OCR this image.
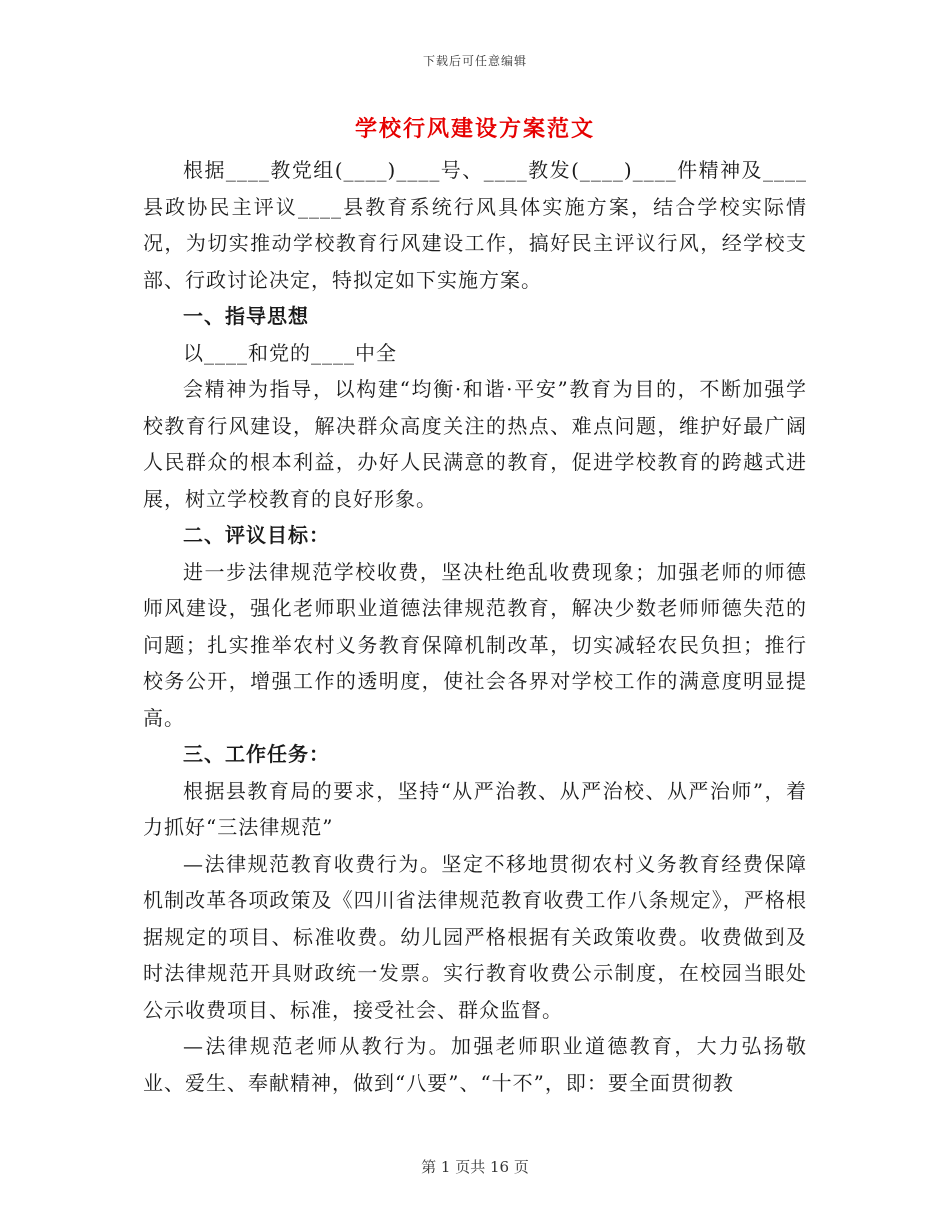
下载后可任意编辑
学校行风建设方案范文

根据____教党组(____)____号、____教发(____)____件精神及____县政协民主评议____县教育系统行风具体实施方案，结合学校实际情况，为切实推动学校教育行风建设工作，搞好民主评议行风，经学校支部、行政讨论决定，特拟定如下实施方案。

一、指导思想

以____和党的____中全

会精神为指导，以构建“均衡·和谐·平安”教育为目的，不断加强学校教育行风建设，解决群众高度关注的热点、难点问题，维护好最广阔人民群众的根本利益，办好人民满意的教育，促进学校教育的跨越式进展，树立学校教育的良好形象。

二、评议目标：

进一步法律规范学校收费，坚决杜绝乱收费现象；加强老师的师德师风建设，强化老师职业道德法律规范教育，解决少数老师师德失范的问题；扎实推举农村义务教育保障机制改革，切实减轻农民负担；推行校务公开，增强工作的透明度，使社会各界对学校工作的满意度明显提高。

三、工作任务：

根据县教育局的要求，坚持“从严治教、从严治校、从严治师”，着力抓好“三法律规范”

—法律规范教育收费行为。坚定不移地贯彻农村义务教育经费保障机制改革各项政策及《四川省法律规范教育收费工作八条规定》，严格根据规定的项目、标准收费。幼儿园严格根据有关政策收费。收费做到及时法律规范开具财政统一发票。实行教育收费公示制度，在校园当眼处公示收费项目、标准，接受社会、群众监督。

—法律规范老师从教行为。加强老师职业道德教育，大力弘扬敬业、爱生、奉献精神，做到“八要”、“十不”，即：要全面贯彻教

第 1 页共 16 页
